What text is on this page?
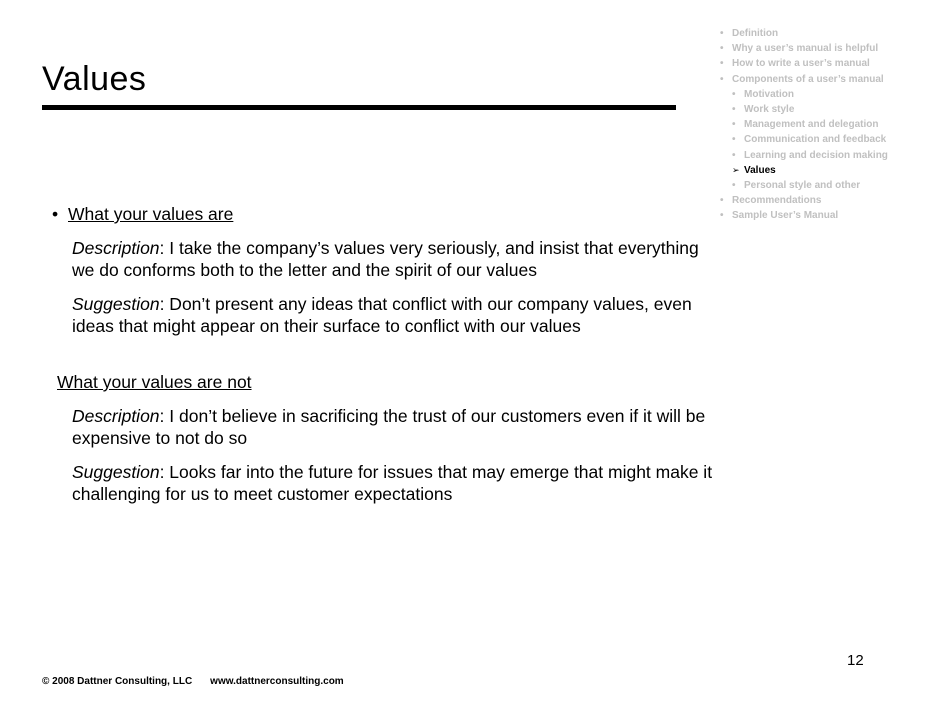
Values
• Definition
• Why a user’s manual is helpful
• How to write a user’s manual
• Components of a user’s manual
• Motivation
• Work style
• Management and delegation
• Communication and feedback
• Learning and decision making
➢ Values
• Personal style and other
• Recommendations
• Sample User’s Manual
• What your values are
Description: I take the company’s values very seriously, and insist that everything we do conforms both to the letter and the spirit of our values
Suggestion: Don’t present any ideas that conflict with our company values, even ideas that might appear on their surface to conflict with our values
What your values are not
Description: I don’t believe in sacrificing the trust of our customers even if it will be expensive to not do so
Suggestion: Looks far into the future for issues that may emerge that might make it challenging for us to meet customer expectations
12
© 2008 Dattner Consulting, LLC www.dattnerconsulting.com
